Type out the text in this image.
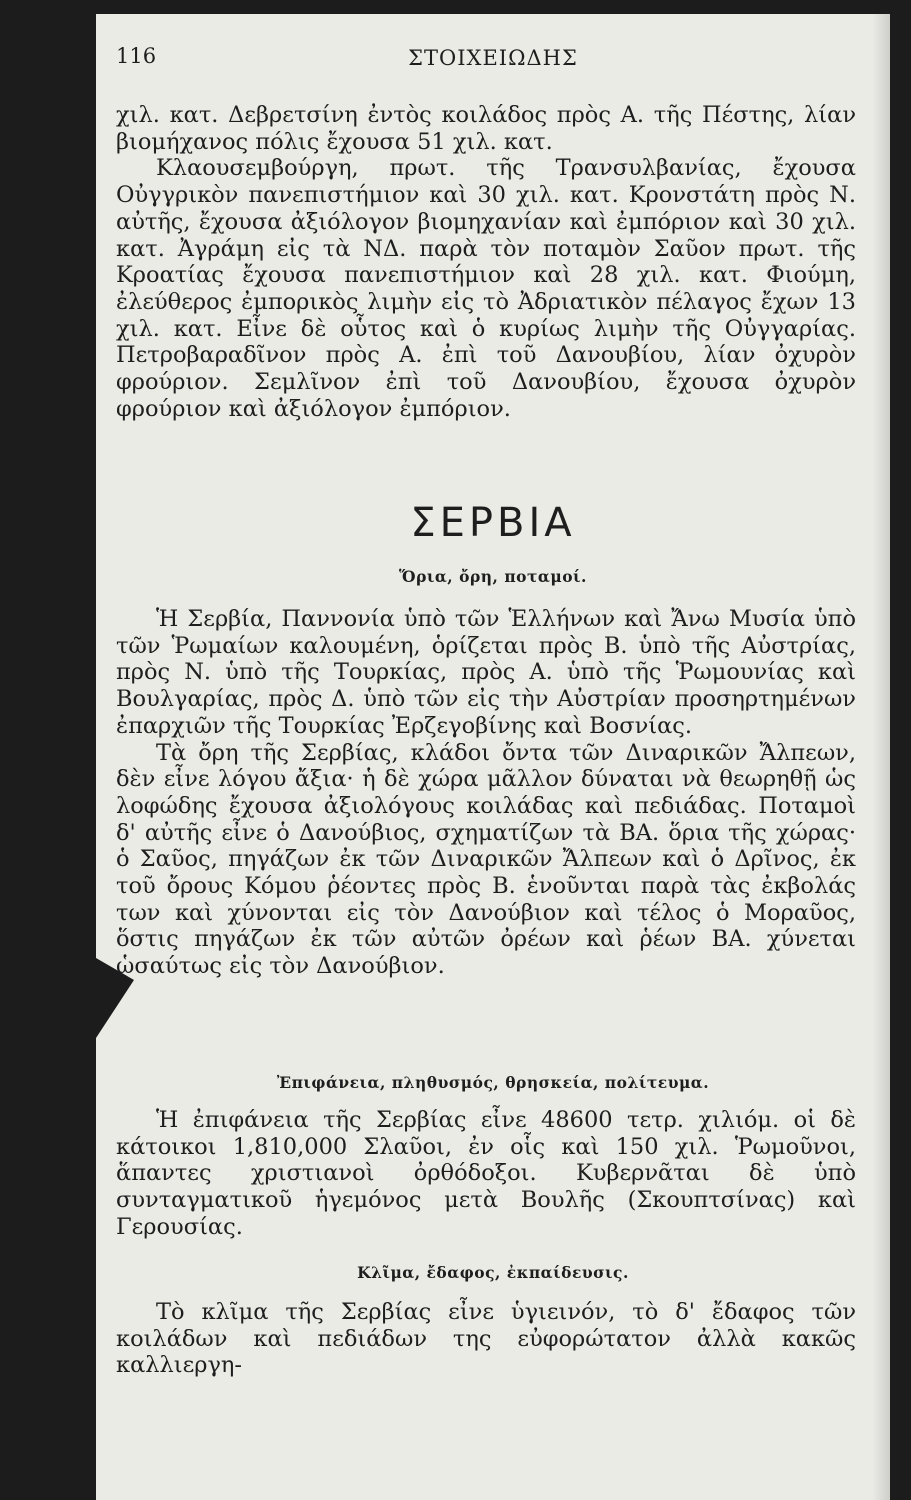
116	ΣΤΟΙΧΕΙΩΔΗΣ

χιλ. κατ. Δεβρετσίνη ἐντὸς κοιλάδος πρὸς Α. τῆς Πέστης, λίαν βιομήχανος πόλις ἔχουσα 51 χιλ. κατ.

Κλαουσεμβούργη, πρωτ. τῆς Τρανσυλβανίας, ἔχουσα Οὐγγρικὸν πανεπιστήμιον καὶ 30 χιλ. κατ. Κρονστάτη πρὸς Ν. αὐτῆς, ἔχουσα ἀξιόλογον βιομηχανίαν καὶ ἐμπόριον καὶ 30 χιλ. κατ. Ἀγράμη εἰς τὰ ΝΔ. παρὰ τὸν ποταμὸν Σαῦον πρωτ. τῆς Κροατίας ἔχουσα πανεπιστήμιον καὶ 28 χιλ. κατ. Φιούμη, ἐλεύθερος ἐμπορικὸς λιμὴν εἰς τὸ Ἀδριατικὸν πέλαγος ἔχων 13 χιλ. κατ. Εἶνε δὲ οὗτος καὶ ὁ κυρίως λιμὴν τῆς Οὐγγαρίας. Πετροβαραδῖνον πρὸς Α. ἐπὶ τοῦ Δανουβίου, λίαν ὀχυρὸν φρούριον. Σεμλῖνον ἐπὶ τοῦ Δανουβίου, ἔχουσα ὀχυρὸν φρούριον καὶ ἀξιόλογον ἐμπόριον.

ΣΕΡΒΙΑ
Ὅρια, ὄρη, ποταμοί.

Ἡ Σερβία, Παννονία ὑπὸ τῶν Ἑλλήνων καὶ Ἄνω Μυσία ὑπὸ τῶν Ῥωμαίων καλουμένη, ὁρίζεται πρὸς Β. ὑπὸ τῆς Αὐστρίας, πρὸς Ν. ὑπὸ τῆς Τουρκίας, πρὸς Α. ὑπὸ τῆς Ῥωμουνίας καὶ Βουλγαρίας, πρὸς Δ. ὑπὸ τῶν εἰς τὴν Αὐστρίαν προσηρτημένων ἐπαρχιῶν τῆς Τουρκίας Ἐρζεγοβίνης καὶ Βοσνίας.

Τὰ ὄρη τῆς Σερβίας, κλάδοι ὄντα τῶν Διναρικῶν Ἄλπεων, δὲν εἶνε λόγου ἄξια· ἡ δὲ χώρα μᾶλλον δύναται νὰ θεωρηθῇ ὡς λοφώδης ἔχουσα ἀξιολόγους κοιλάδας καὶ πεδιάδας. Ποταμοὶ δ' αὐτῆς εἶνε ὁ Δανούβιος, σχηματίζων τὰ ΒΑ. ὅρια τῆς χώρας· ὁ Σαῦος, πηγάζων ἐκ τῶν Διναρικῶν Ἄλπεων καὶ ὁ Δρῖνος, ἐκ τοῦ ὄρους Κόμου ῥέοντες πρὸς Β. ἑνοῦνται παρὰ τὰς ἐκβολάς των καὶ χύνονται εἰς τὸν Δανούβιον καὶ τέλος ὁ Μοραῦος, ὅστις πηγάζων ἐκ τῶν αὐτῶν ὀρέων καὶ ῥέων ΒΑ. χύνεται ὡσαύτως εἰς τὸν Δανούβιον.

Ἐπιφάνεια, πληθυσμός, θρησκεία, πολίτευμα.

Ἡ ἐπιφάνεια τῆς Σερβίας εἶνε 48600 τετρ. χιλιόμ. οἱ δὲ κάτοικοι 1,810,000 Σλαῦοι, ἐν οἷς καὶ 150 χιλ. Ῥωμοῦνοι, ἅπαντες χριστιανοὶ ὀρθόδοξοι. Κυβερνᾶται δὲ ὑπὸ συνταγματικοῦ ἡγεμόνος μετὰ Βουλῆς (Σκουπτσίνας) καὶ Γερουσίας.

Κλῖμα, ἔδαφος, ἐκπαίδευσις.

Τὸ κλῖμα τῆς Σερβίας εἶνε ὑγιεινόν, τὸ δ' ἔδαφος τῶν κοιλάδων καὶ πεδιάδων της εὐφορώτατον ἀλλὰ κακῶς καλλιεργη-
